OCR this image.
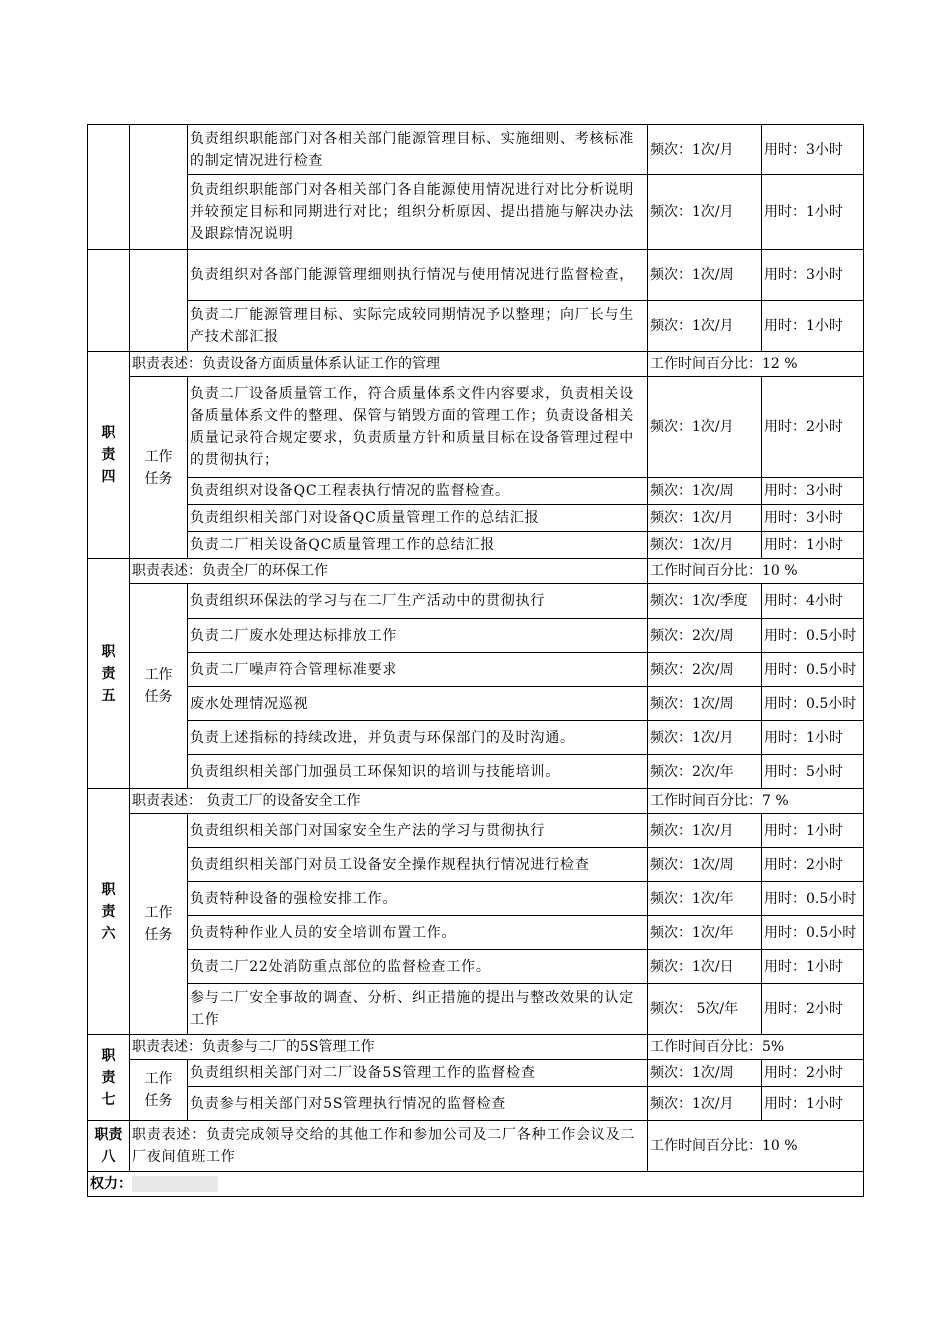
		负责组织职能部门对各相关部门能源管理目标、实施细则、考核标准的制定情况进行检查	频次：1次/月	用时：3小时
		负责组织职能部门对各相关部门各自能源使用情况进行对比分析说明并较预定目标和同期进行对比；组织分析原因、提出措施与解决办法及跟踪情况说明	频次：1次/月	用时：1小时
		负责组织对各部门能源管理细则执行情况与使用情况进行监督检查，	频次：1次/周	用时：3小时
		负责二厂能源管理目标、实际完成较同期情况予以整理；向厂长与生产技术部汇报	频次：1次/月	用时：1小时
职责四	职责表述：负责设备方面质量体系认证工作的管理		工作时间百分比：12 %	
	工作任务	负责二厂设备质量管工作，符合质量体系文件内容要求，负责相关设备质量体系文件的整理、保管与销毁方面的管理工作；负责设备相关质量记录符合规定要求，负责质量方针和质量目标在设备管理过程中的贯彻执行；	频次：1次/月	用时：2小时
		负责组织对设备QC工程表执行情况的监督检查。	频次：1次/周	用时：3小时
		负责组织相关部门对设备QC质量管理工作的总结汇报	频次：1次/月	用时：3小时
		负责二厂相关设备QC质量管理工作的总结汇报	频次：1次/月	用时：1小时
职责五	职责表述：负责全厂的环保工作		工作时间百分比：10 %	
	工作任务	负责组织环保法的学习与在二厂生产活动中的贯彻执行	频次：1次/季度	用时：4小时
		负责二厂废水处理达标排放工作	频次：2次/周	用时：0.5小时
		负责二厂噪声符合管理标准要求	频次：2次/周	用时：0.5小时
		废水处理情况巡视	频次：1次/周	用时：0.5小时
		负责上述指标的持续改进，并负责与环保部门的及时沟通。	频次：1次/月	用时：1小时
		负责组织相关部门加强员工环保知识的培训与技能培训。	频次：2次/年	用时：5小时
职责六	职责表述： 负责工厂的设备安全工作		工作时间百分比：7 %	
	工作任务	负责组织相关部门对国家安全生产法的学习与贯彻执行	频次：1次/月	用时：1小时
		负责组织相关部门对员工设备安全操作规程执行情况进行检查	频次：1次/周	用时：2小时
		负责特种设备的强检安排工作。	频次：1次/年	用时：0.5小时
		负责特种作业人员的安全培训布置工作。	频次：1次/年	用时：0.5小时
		负责二厂22处消防重点部位的监督检查工作。	频次：1次/日	用时：1小时
		参与二厂安全事故的调查、分析、纠正措施的提出与整改效果的认定工作	频次： 5次/年	用时：2小时
职责七	职责表述：负责参与二厂的5S管理工作		工作时间百分比：5%	
	工作任务	负责组织相关部门对二厂设备5S管理工作的监督检查	频次：1次/周	用时：2小时
		负责参与相关部门对5S管理执行情况的监督检查	频次：1次/月	用时：1小时
职责八	职责表述：负责完成领导交给的其他工作和参加公司及二厂各种工作会议及二厂夜间值班工作		工作时间百分比：10 %	
权力：				
